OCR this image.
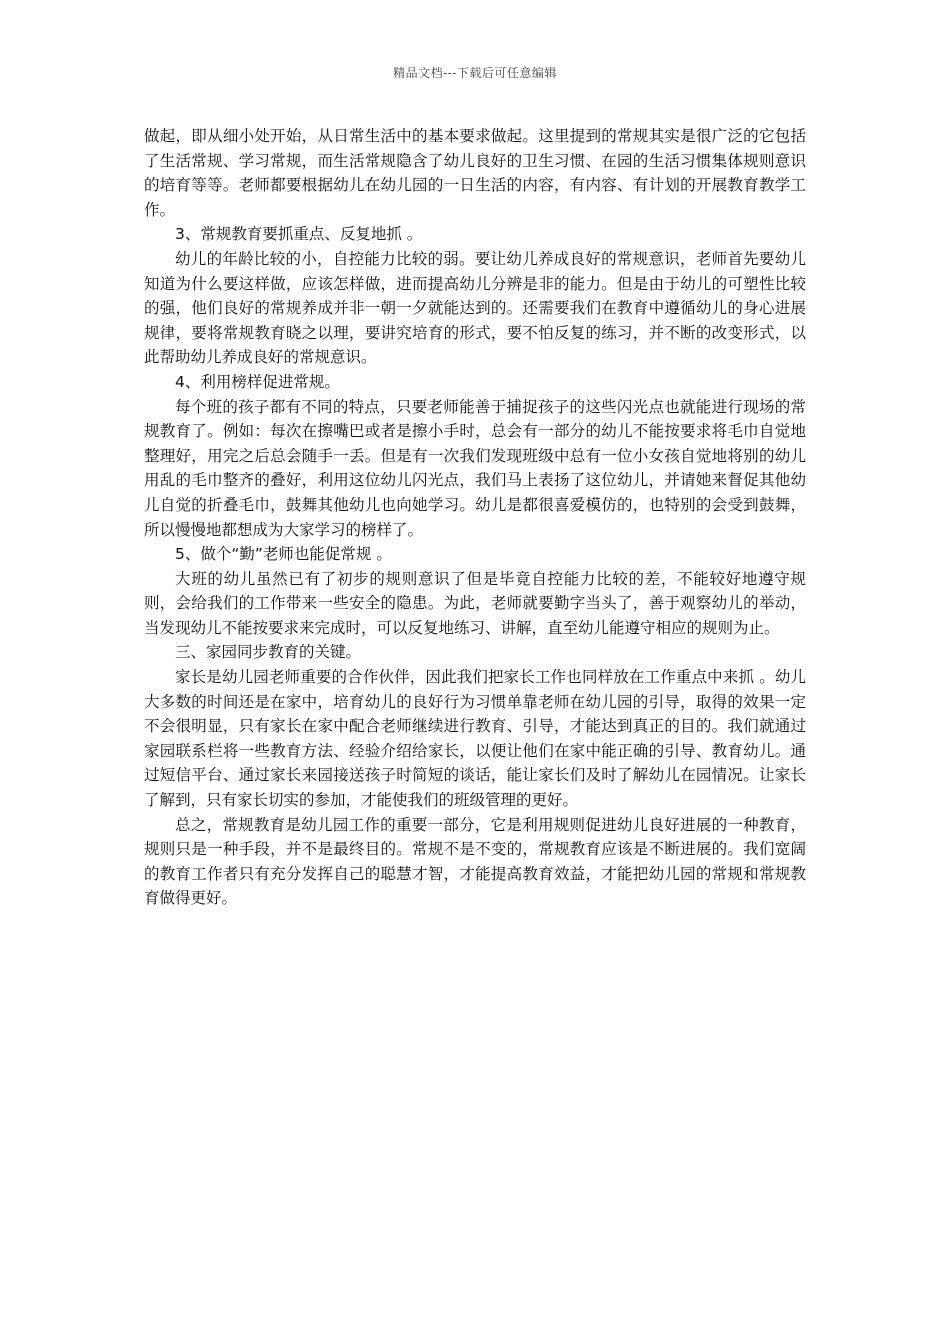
精品文档---下载后可任意编辑

做起，即从细小处开始，从日常生活中的基本要求做起。这里提到的常规其实是很广泛的它包括了生活常规、学习常规，而生活常规隐含了幼儿良好的卫生习惯、在园的生活习惯集体规则意识的培育等等。老师都要根据幼儿在幼儿园的一日生活的内容，有内容、有计划的开展教育教学工作。

3、常规教育要抓重点、反复地抓 。

幼儿的年龄比较的小，自控能力比较的弱。要让幼儿养成良好的常规意识，老师首先要幼儿知道为什么要这样做，应该怎样做，进而提高幼儿分辨是非的能力。但是由于幼儿的可塑性比较的强，他们良好的常规养成并非一朝一夕就能达到的。还需要我们在教育中遵循幼儿的身心进展规律，要将常规教育晓之以理，要讲究培育的形式，要不怕反复的练习，并不断的改变形式，以此帮助幼儿养成良好的常规意识。

4、利用榜样促进常规。

每个班的孩子都有不同的特点，只要老师能善于捕捉孩子的这些闪光点也就能进行现场的常规教育了。例如：每次在擦嘴巴或者是擦小手时，总会有一部分的幼儿不能按要求将毛巾自觉地整理好，用完之后总会随手一丢。但是有一次我们发现班级中总有一位小女孩自觉地将别的幼儿用乱的毛巾整齐的叠好，利用这位幼儿闪光点，我们马上表扬了这位幼儿，并请她来督促其他幼儿自觉的折叠毛巾，鼓舞其他幼儿也向她学习。幼儿是都很喜爱模仿的，也特别的会受到鼓舞，所以慢慢地都想成为大家学习的榜样了。

5、做个“勤”老师也能促常规 。

大班的幼儿虽然已有了初步的规则意识了但是毕竟自控能力比较的差，不能较好地遵守规则，会给我们的工作带来一些安全的隐患。为此，老师就要勤字当头了，善于观察幼儿的举动，当发现幼儿不能按要求来完成时，可以反复地练习、讲解，直至幼儿能遵守相应的规则为止。

三、家园同步教育的关键。

家长是幼儿园老师重要的合作伙伴，因此我们把家长工作也同样放在工作重点中来抓 。幼儿大多数的时间还是在家中，培育幼儿的良好行为习惯单靠老师在幼儿园的引导，取得的效果一定不会很明显，只有家长在家中配合老师继续进行教育、引导，才能达到真正的目的。我们就通过家园联系栏将一些教育方法、经验介绍给家长，以便让他们在家中能正确的引导、教育幼儿。通过短信平台、通过家长来园接送孩子时简短的谈话，能让家长们及时了解幼儿在园情况。让家长了解到，只有家长切实的参加，才能使我们的班级管理的更好。

总之，常规教育是幼儿园工作的重要一部分，它是利用规则促进幼儿良好进展的一种教育，规则只是一种手段，并不是最终目的。常规不是不变的，常规教育应该是不断进展的。我们宽阔的教育工作者只有充分发挥自己的聪慧才智，才能提高教育效益，才能把幼儿园的常规和常规教育做得更好。
